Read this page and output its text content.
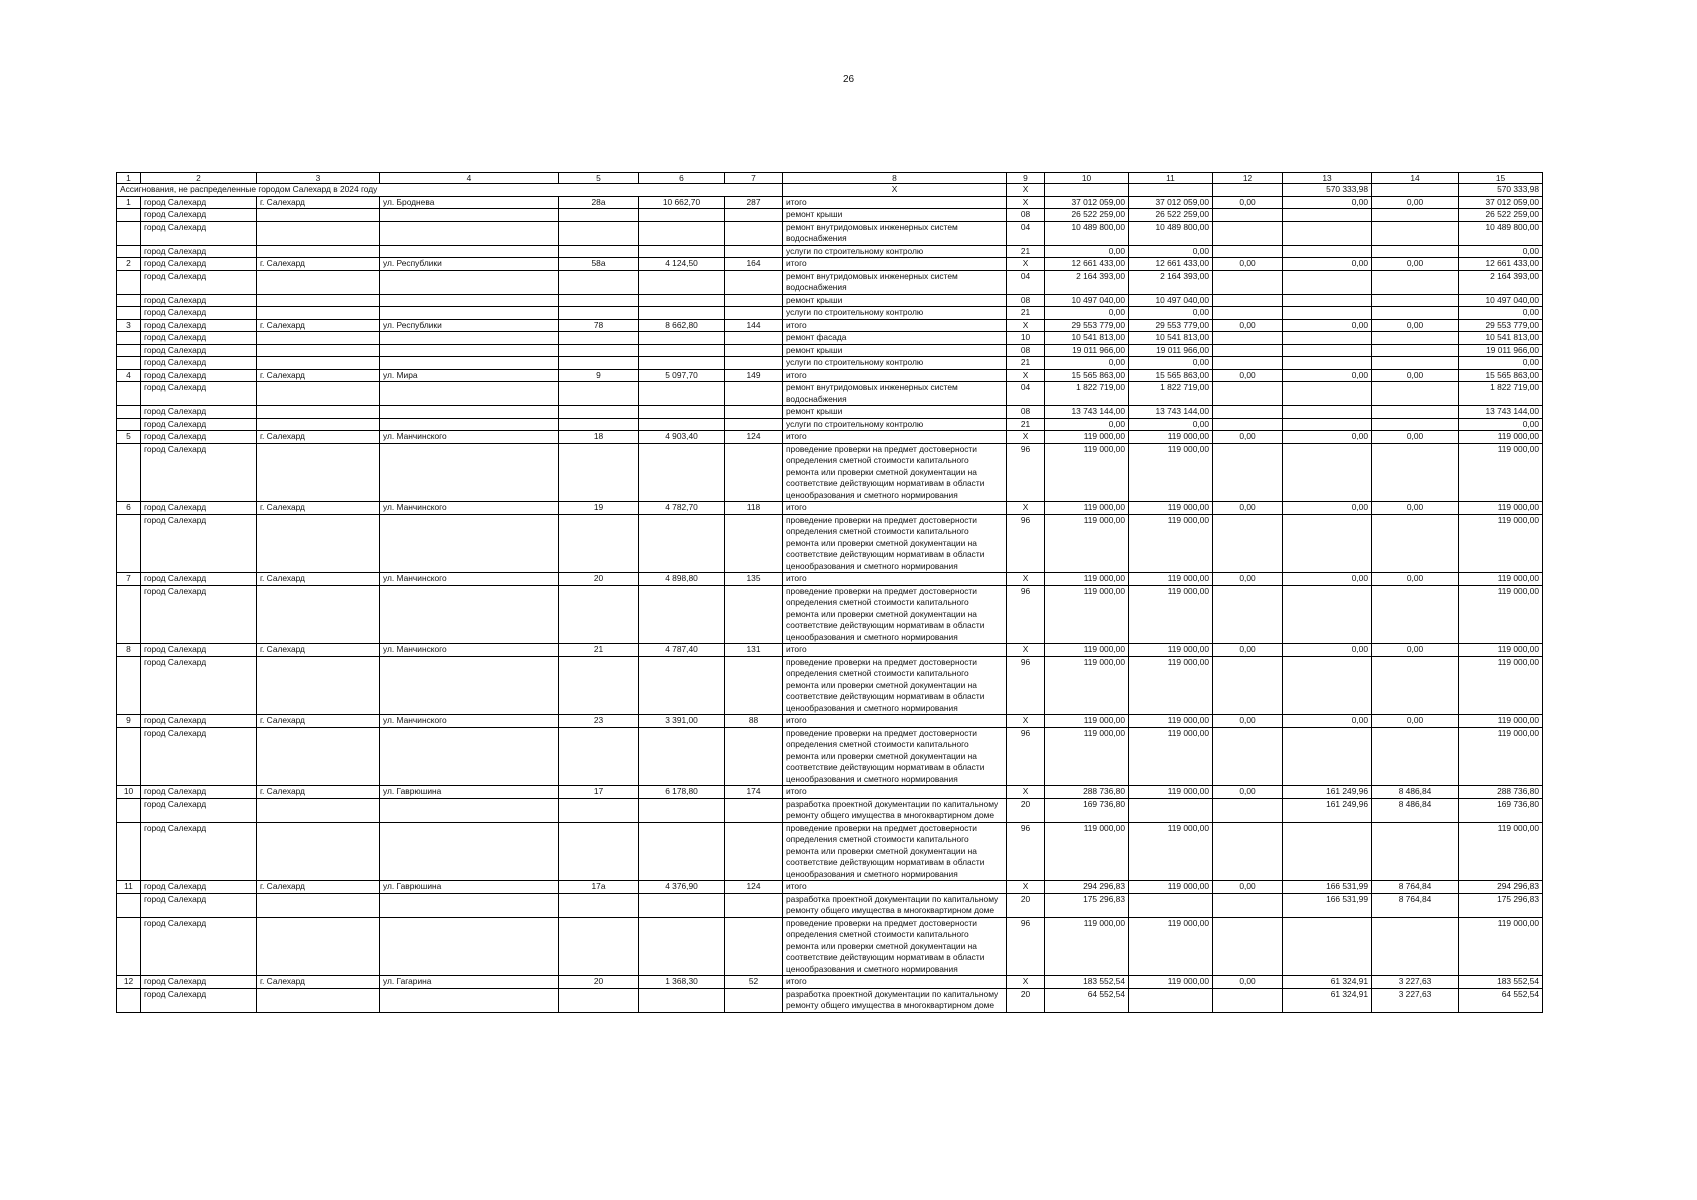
26
1	2	3	4	5	6	7	8	9	10	11	12	13	14	15
Ассигнования, не распределенные городом Салехард в 2024 году							Х	Х				570 333,98		570 333,98
1	город Салехард	г. Салехард	ул. Броднева	28а	10 662,70	287	итого	Х	37 012 059,00	37 012 059,00	0,00	0,00	0,00	37 012 059,00
	город Салехард						ремонт крыши	08	26 522 259,00	26 522 259,00				26 522 259,00
	город Салехард						ремонт внутридомовых инженерных систем водоснабжения	04	10 489 800,00	10 489 800,00				10 489 800,00
	город Салехард						услуги по строительному контролю	21	0,00	0,00				0,00
2	город Салехард	г. Салехард	ул. Республики	58а	4 124,50	164	итого	Х	12 661 433,00	12 661 433,00	0,00	0,00	0,00	12 661 433,00
	город Салехард						ремонт внутридомовых инженерных систем водоснабжения	04	2 164 393,00	2 164 393,00				2 164 393,00
	город Салехард						ремонт крыши	08	10 497 040,00	10 497 040,00				10 497 040,00
	город Салехард						услуги по строительному контролю	21	0,00	0,00				0,00
3	город Салехард	г. Салехард	ул. Республики	78	8 662,80	144	итого	Х	29 553 779,00	29 553 779,00	0,00	0,00	0,00	29 553 779,00
	город Салехард						ремонт фасада	10	10 541 813,00	10 541 813,00				10 541 813,00
	город Салехард						ремонт крыши	08	19 011 966,00	19 011 966,00				19 011 966,00
	город Салехард						услуги по строительному контролю	21	0,00	0,00				0,00
4	город Салехард	г. Салехард	ул. Мира	9	5 097,70	149	итого	Х	15 565 863,00	15 565 863,00	0,00	0,00	0,00	15 565 863,00
	город Салехард						ремонт внутридомовых инженерных систем водоснабжения	04	1 822 719,00	1 822 719,00				1 822 719,00
	город Салехард						ремонт крыши	08	13 743 144,00	13 743 144,00				13 743 144,00
	город Салехард						услуги по строительному контролю	21	0,00	0,00				0,00
5	город Салехард	г. Салехард	ул. Манчинского	18	4 903,40	124	итого	Х	119 000,00	119 000,00	0,00	0,00	0,00	119 000,00
	город Салехард						проведение проверки на предмет достоверности определения сметной стоимости капитального ремонта или проверки сметной документации на соответствие действующим нормативам в области ценообразования и сметного нормирования	96	119 000,00	119 000,00				119 000,00
6	город Салехард	г. Салехард	ул. Манчинского	19	4 782,70	118	итого	Х	119 000,00	119 000,00	0,00	0,00	0,00	119 000,00
	город Салехард						проведение проверки на предмет достоверности определения сметной стоимости капитального ремонта или проверки сметной документации на соответствие действующим нормативам в области ценообразования и сметного нормирования	96	119 000,00	119 000,00				119 000,00
7	город Салехард	г. Салехард	ул. Манчинского	20	4 898,80	135	итого	Х	119 000,00	119 000,00	0,00	0,00	0,00	119 000,00
	город Салехард						проведение проверки на предмет достоверности определения сметной стоимости капитального ремонта или проверки сметной документации на соответствие действующим нормативам в области ценообразования и сметного нормирования	96	119 000,00	119 000,00				119 000,00
8	город Салехард	г. Салехард	ул. Манчинского	21	4 787,40	131	итого	Х	119 000,00	119 000,00	0,00	0,00	0,00	119 000,00
	город Салехард						проведение проверки на предмет достоверности определения сметной стоимости капитального ремонта или проверки сметной документации на соответствие действующим нормативам в области ценообразования и сметного нормирования	96	119 000,00	119 000,00				119 000,00
9	город Салехард	г. Салехард	ул. Манчинского	23	3 391,00	88	итого	Х	119 000,00	119 000,00	0,00	0,00	0,00	119 000,00
	город Салехард						проведение проверки на предмет достоверности определения сметной стоимости капитального ремонта или проверки сметной документации на соответствие действующим нормативам в области ценообразования и сметного нормирования	96	119 000,00	119 000,00				119 000,00
10	город Салехард	г. Салехард	ул. Гаврюшина	17	6 178,80	174	итого	Х	288 736,80	119 000,00	0,00	161 249,96	8 486,84	288 736,80
	город Салехард						разработка проектной документации по капитальному ремонту общего имущества в многоквартирном доме	20	169 736,80			161 249,96	8 486,84	169 736,80
	город Салехард						проведение проверки на предмет достоверности определения сметной стоимости капитального ремонта или проверки сметной документации на соответствие действующим нормативам в области ценообразования и сметного нормирования	96	119 000,00	119 000,00				119 000,00
11	город Салехард	г. Салехард	ул. Гаврюшина	17а	4 376,90	124	итого	Х	294 296,83	119 000,00	0,00	166 531,99	8 764,84	294 296,83
	город Салехард						разработка проектной документации по капитальному ремонту общего имущества в многоквартирном доме	20	175 296,83			166 531,99	8 764,84	175 296,83
	город Салехард						проведение проверки на предмет достоверности определения сметной стоимости капитального ремонта или проверки сметной документации на соответствие действующим нормативам в области ценообразования и сметного нормирования	96	119 000,00	119 000,00				119 000,00
12	город Салехард	г. Салехард	ул. Гагарина	20	1 368,30	52	итого	Х	183 552,54	119 000,00	0,00	61 324,91	3 227,63	183 552,54
	город Салехард						разработка проектной документации по капитальному ремонту общего имущества в многоквартирном доме	20	64 552,54			61 324,91	3 227,63	64 552,54
